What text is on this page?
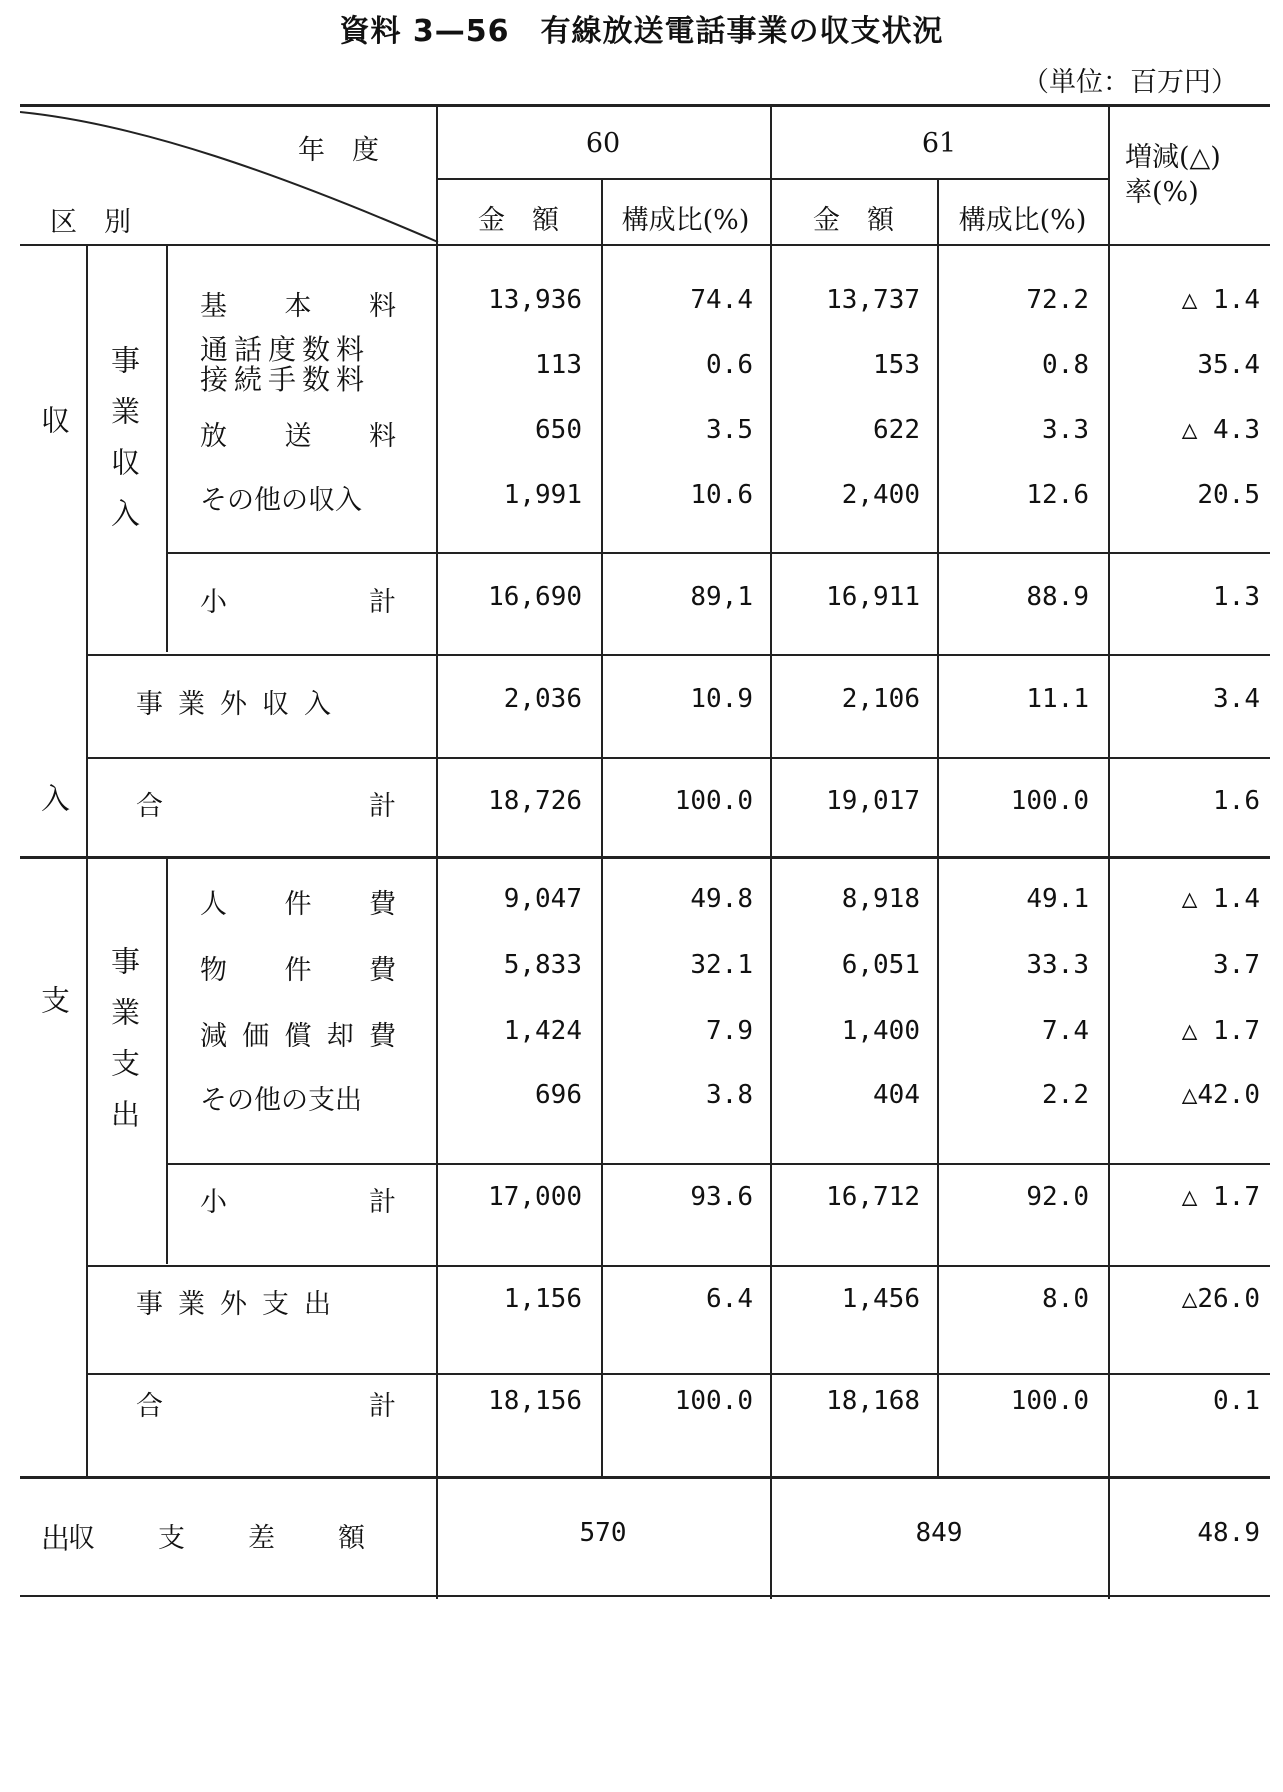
資料 3—56　有線放送電話事業の収支状況
（単位：百万円）
年　度
区　別
60	61
金　額	構成比(%)	金　額	構成比(%)
増減(△)
率(%)
収　入 事業収入
基 本 料	13,936	74.4	13,737	72.2	△ 1.4
通話度数料
接続手数料	113	0.6	153	0.8	35.4
放 送 料	650	3.5	622	3.3	△ 4.3
その他の収入	1,991	10.6	2,400	12.6	20.5
小	計	16,690	89,1	16,911	88.9	1.3
事業外収入	2,036	10.9	2,106	11.1	3.4
合	計	18,726	100.0	19,017	100.0	1.6
支　出 事業支出
人 件 費	9,047	49.8	8,918	49.1	△ 1.4
物 件 費	5,833	32.1	6,051	33.3	3.7
減 価 償 却 費	1,424	7.9	1,400	7.4	△ 1.7
その他の支出	696	3.8	404	2.2	△42.0
小	計	17,000	93.6	16,712	92.0	△ 1.7
事業外支出	1,156	6.4	1,456	8.0	△26.0
合	計	18,156	100.0	18,168	100.0	0.1
収　支　差　額	570	849	48.9
